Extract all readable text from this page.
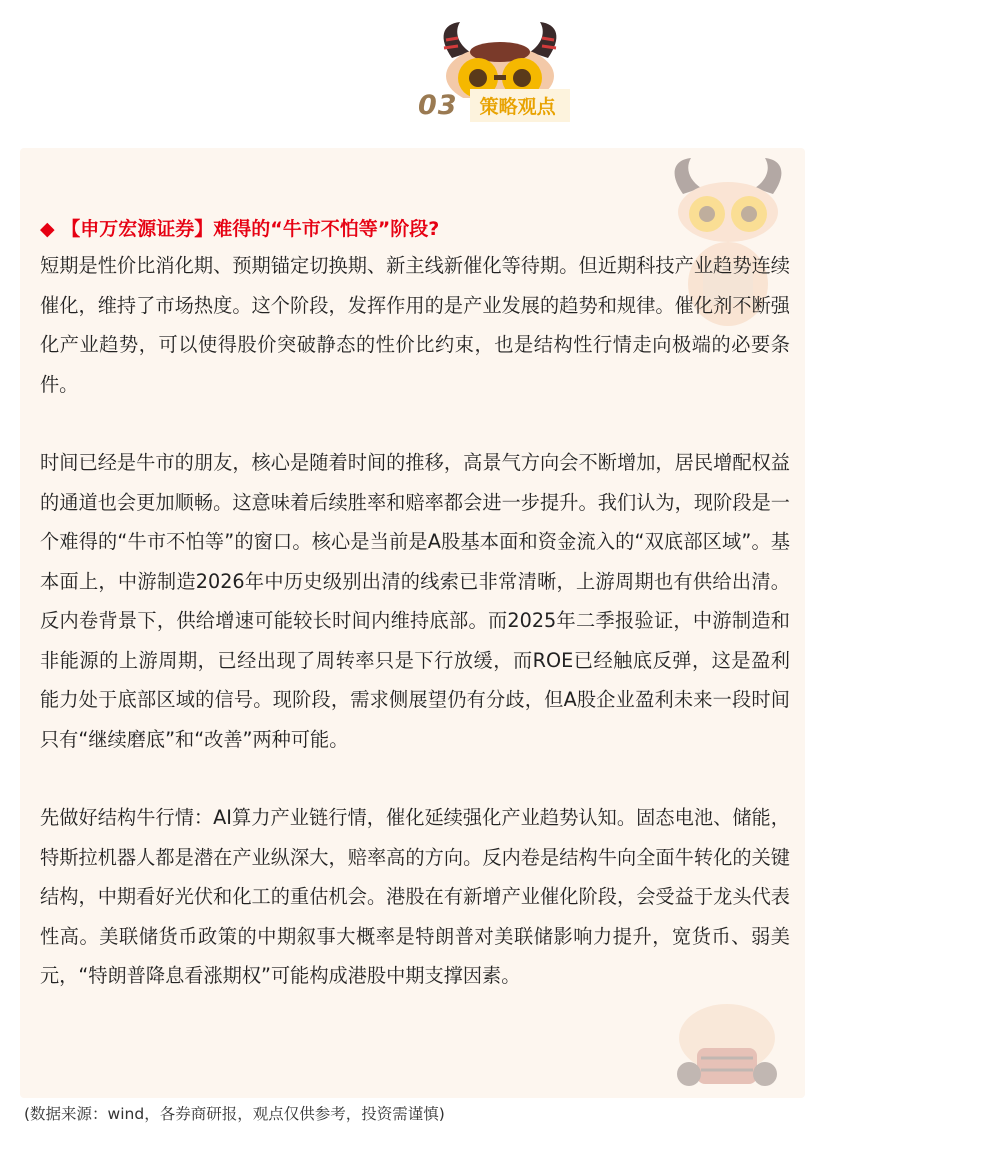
03	策略观点
◆ 【申万宏源证券】难得的“牛市不怕等”阶段?

短期是性价比消化期、预期锚定切换期、新主线新催化等待期。但近期科技产业趋势连续催化，维持了市场热度。这个阶段，发挥作用的是产业发展的趋势和规律。催化剂不断强化产业趋势，可以使得股价突破静态的性价比约束，也是结构性行情走向极端的必要条件。

时间已经是牛市的朋友，核心是随着时间的推移，高景气方向会不断增加，居民增配权益的通道也会更加顺畅。这意味着后续胜率和赔率都会进一步提升。我们认为，现阶段是一个难得的“牛市不怕等”的窗口。核心是当前是A股基本面和资金流入的“双底部区域”。基本面上，中游制造2026年中历史级别出清的线索已非常清晰，上游周期也有供给出清。反内卷背景下，供给增速可能较长时间内维持底部。而2025年二季报验证，中游制造和非能源的上游周期，已经出现了周转率只是下行放缓，而ROE已经触底反弹，这是盈利能力处于底部区域的信号。现阶段，需求侧展望仍有分歧，但A股企业盈利未来一段时间只有“继续磨底”和“改善”两种可能。

先做好结构牛行情：AI算力产业链行情，催化延续强化产业趋势认知。固态电池、储能，特斯拉机器人都是潜在产业纵深大，赔率高的方向。反内卷是结构牛向全面牛转化的关键结构，中期看好光伏和化工的重估机会。港股在有新增产业催化阶段，会受益于龙头代表性高。美联储货币政策的中期叙事大概率是特朗普对美联储影响力提升，宽货币、弱美元，“特朗普降息看涨期权”可能构成港股中期支撑因素。

(数据来源：wind，各券商研报，观点仅供参考，投资需谨慎)
